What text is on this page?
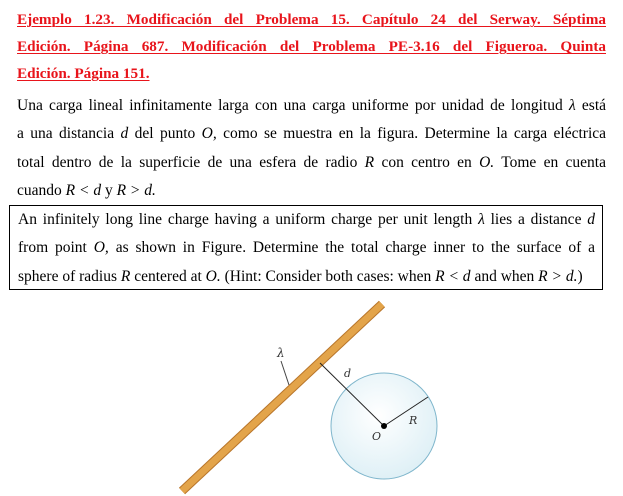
Ejemplo 1.23. Modificación del Problema 15. Capítulo 24 del Serway. Séptima
Edición. Página 687. Modificación del Problema PE-3.16 del Figueroa. Quinta
Edición. Página 151.
Una carga lineal infinitamente larga con una carga uniforme por unidad de longitud λ está
a una distancia d del punto O, como se muestra en la figura. Determine la carga eléctrica
total dentro de la superficie de una esfera de radio R con centro en O. Tome en cuenta
cuando R < d y R > d.
An infinitely long line charge having a uniform charge per unit length λ lies a distance d
from point O, as shown in Figure. Determine the total charge inner to the surface of a
sphere of radius R centered at O. (Hint: Consider both cases: when R < d and when R > d.)
λ
d
R
O
